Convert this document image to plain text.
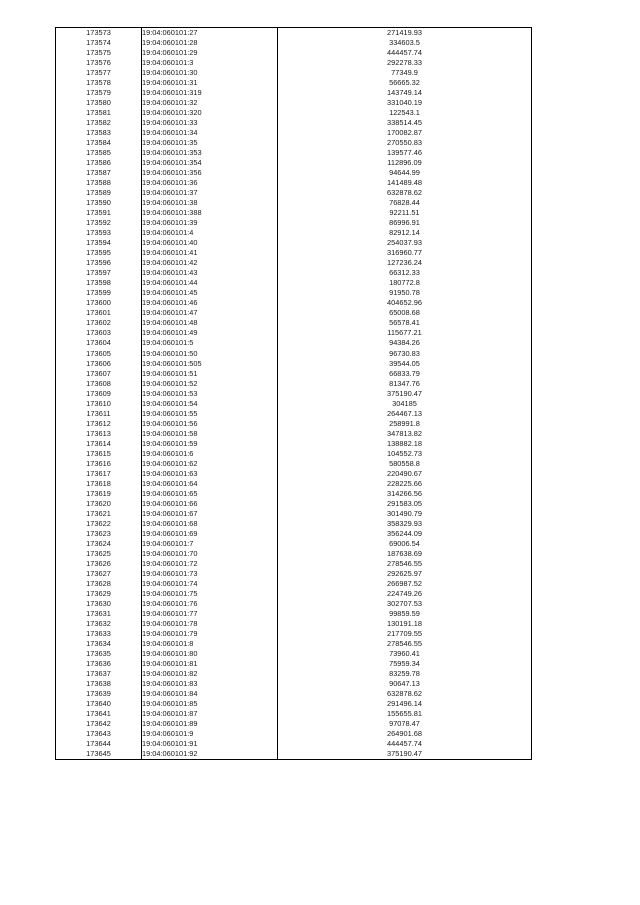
173573	19:04:060101:27	271419.93
173574	19:04:060101:28	334603.5
173575	19:04:060101:29	444457.74
173576	19:04:060101:3	292278.33
173577	19:04:060101:30	77349.9
173578	19:04:060101:31	56665.32
173579	19:04:060101:319	143749.14
173580	19:04:060101:32	331040.19
173581	19:04:060101:320	122543.1
173582	19:04:060101:33	338514.45
173583	19:04:060101:34	170082.87
173584	19:04:060101:35	270550.83
173585	19:04:060101:353	139577.46
173586	19:04:060101:354	112896.09
173587	19:04:060101:356	94644.99
173588	19:04:060101:36	141489.48
173589	19:04:060101:37	632878.62
173590	19:04:060101:38	76828.44
173591	19:04:060101:388	92211.51
173592	19:04:060101:39	86996.91
173593	19:04:060101:4	82912.14
173594	19:04:060101:40	254037.93
173595	19:04:060101:41	316960.77
173596	19:04:060101:42	127236.24
173597	19:04:060101:43	66312.33
173598	19:04:060101:44	180772.8
173599	19:04:060101:45	91950.78
173600	19:04:060101:46	404652.96
173601	19:04:060101:47	65008.68
173602	19:04:060101:48	56578.41
173603	19:04:060101:49	115677.21
173604	19:04:060101:5	94384.26
173605	19:04:060101:50	96730.83
173606	19:04:060101:505	39544.05
173607	19:04:060101:51	66833.79
173608	19:04:060101:52	81347.76
173609	19:04:060101:53	375190.47
173610	19:04:060101:54	304185
173611	19:04:060101:55	264467.13
173612	19:04:060101:56	258991.8
173613	19:04:060101:58	347813.82
173614	19:04:060101:59	138882.18
173615	19:04:060101:6	104552.73
173616	19:04:060101:62	580558.8
173617	19:04:060101:63	220490.67
173618	19:04:060101:64	228225.66
173619	19:04:060101:65	314266.56
173620	19:04:060101:66	291583.05
173621	19:04:060101:67	301490.79
173622	19:04:060101:68	358329.93
173623	19:04:060101:69	356244.09
173624	19:04:060101:7	69006.54
173625	19:04:060101:70	187638.69
173626	19:04:060101:72	278546.55
173627	19:04:060101:73	292625.97
173628	19:04:060101:74	266987.52
173629	19:04:060101:75	224749.26
173630	19:04:060101:76	302707.53
173631	19:04:060101:77	99859.59
173632	19:04:060101:78	130191.18
173633	19:04:060101:79	217709.55
173634	19:04:060101:8	278546.55
173635	19:04:060101:80	73960.41
173636	19:04:060101:81	75959.34
173637	19:04:060101:82	83259.78
173638	19:04:060101:83	90647.13
173639	19:04:060101:84	632878.62
173640	19:04:060101:85	291496.14
173641	19:04:060101:87	155655.81
173642	19:04:060101:89	97078.47
173643	19:04:060101:9	264901.68
173644	19:04:060101:91	444457.74
173645	19:04:060101:92	375190.47
